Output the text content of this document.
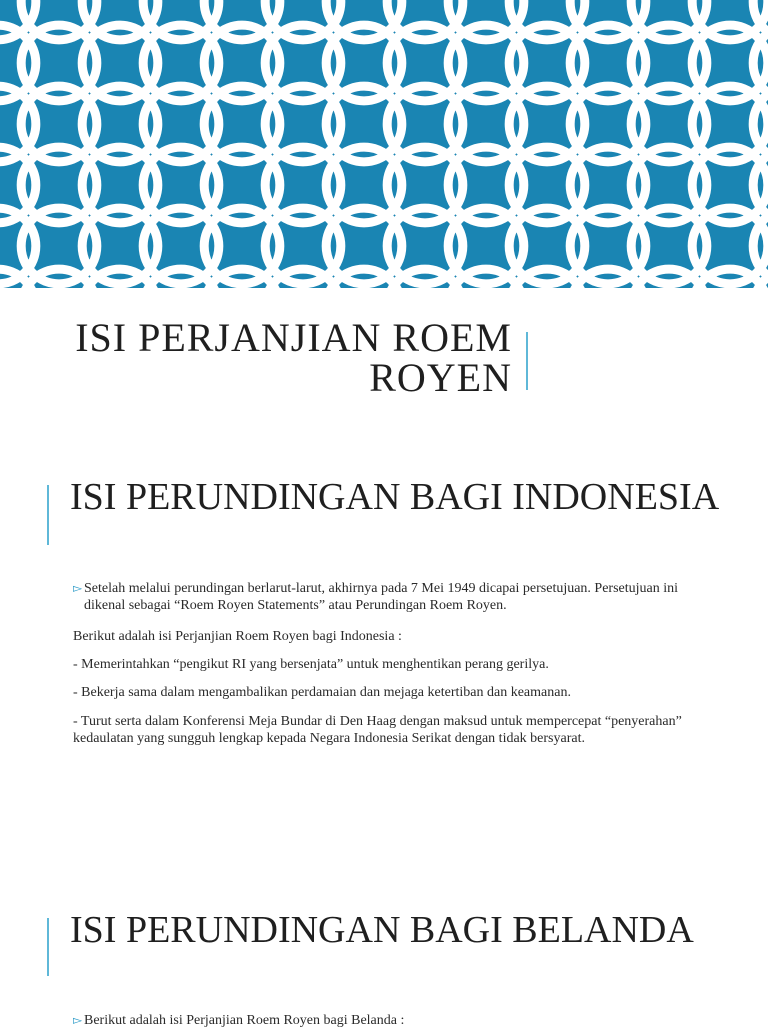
ISI PERJANJIAN ROEM ROYEN
ISI PERUNDINGAN BAGI INDONESIA
▻ Setelah melalui perundingan berlarut-larut, akhirnya pada 7 Mei 1949 dicapai persetujuan. Persetujuan ini dikenal sebagai “Roem Royen Statements” atau Perundingan Roem Royen.

Berikut adalah isi Perjanjian Roem Royen bagi Indonesia :

- Memerintahkan “pengikut RI yang bersenjata” untuk menghentikan perang gerilya.

- Bekerja sama dalam mengambalikan perdamaian dan mejaga ketertiban dan keamanan.

- Turut serta dalam Konferensi Meja Bundar di Den Haag dengan maksud untuk mempercepat “penyerahan” kedaulatan yang sungguh lengkap kepada Negara Indonesia Serikat dengan tidak bersyarat.

ISI PERUNDINGAN BAGI BELANDA
▻ Berikut adalah isi Perjanjian Roem Royen bagi Belanda :
